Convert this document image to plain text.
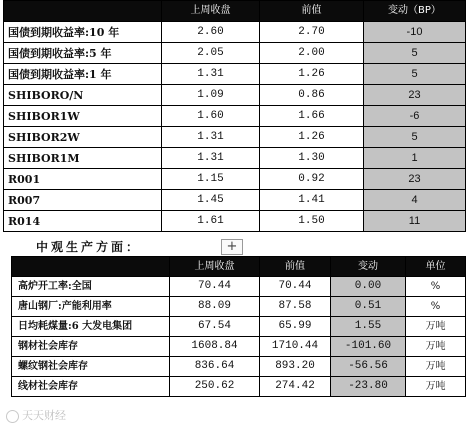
	上周收盘	前值	变动（BP）
国债到期收益率:10 年	2.60	2.70	-10
国债到期收益率:5 年	2.05	2.00	5
国债到期收益率:1 年	1.31	1.26	5
SHIBORO/N	1.09	0.86	23
SHIBOR1W	1.60	1.66	-6
SHIBOR2W	1.31	1.26	5
SHIBOR1M	1.31	1.30	1
R001	1.15	0.92	23
R007	1.45	1.41	4
R014	1.61	1.50	11
中观生产方面：	+
	上周收盘	前值	变动	单位
高炉开工率:全国	70.44	70.44	0.00	%
唐山钢厂:产能利用率	88.09	87.58	0.51	%
日均耗煤量:6 大发电集团	67.54	65.99	1.55	万吨
钢材社会库存	1608.84	1710.44	-101.60	万吨
螺纹钢社会库存	836.64	893.20	-56.56	万吨
线材社会库存	250.62	274.42	-23.80	万吨
天天财经
